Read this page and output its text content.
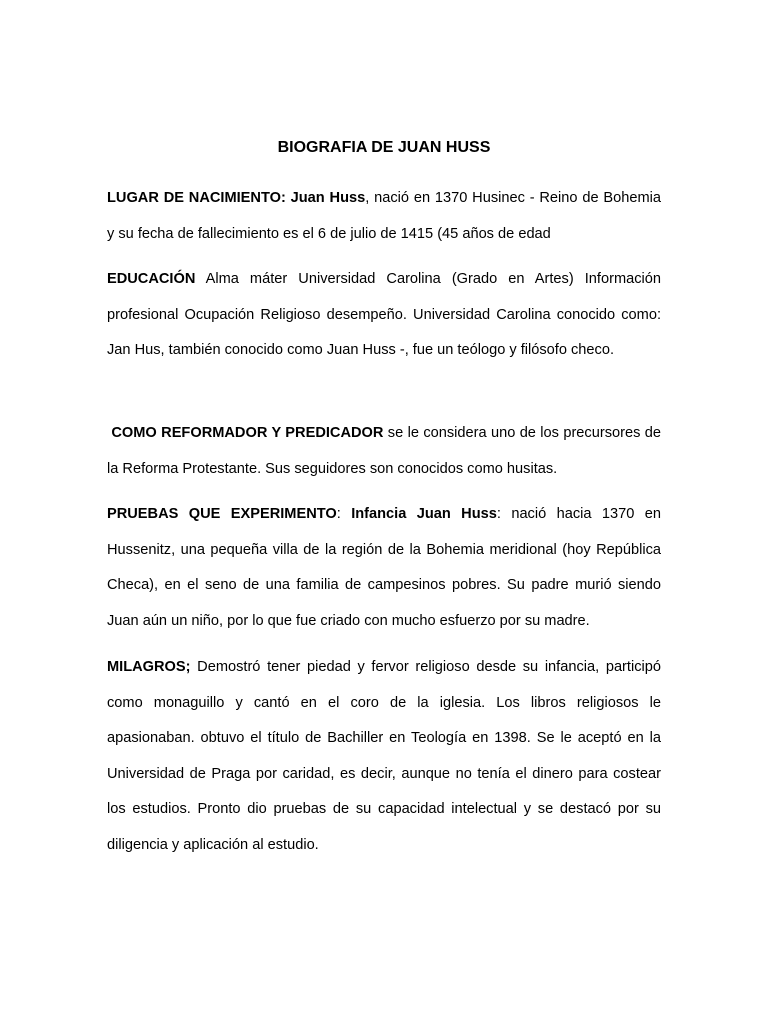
BIOGRAFIA DE JUAN HUSS

LUGAR DE NACIMIENTO: Juan Huss, nació en 1370 Husinec - Reino de Bohemia y su fecha de fallecimiento es el 6 de julio de 1415 (45 años de edad

EDUCACIÓN Alma máter Universidad Carolina (Grado en Artes) Información profesional Ocupación Religioso desempeño. Universidad Carolina conocido como: Jan Hus, también conocido como Juan Huss -, fue un teólogo y filósofo checo.

COMO REFORMADOR Y PREDICADOR se le considera uno de los precursores de la Reforma Protestante. Sus seguidores son conocidos como husitas.

PRUEBAS QUE EXPERIMENTO: Infancia Juan Huss: nació hacia 1370 en Hussenitz, una pequeña villa de la región de la Bohemia meridional (hoy República Checa), en el seno de una familia de campesinos pobres. Su padre murió siendo Juan aún un niño, por lo que fue criado con mucho esfuerzo por su madre.

MILAGROS; Demostró tener piedad y fervor religioso desde su infancia, participó como monaguillo y cantó en el coro de la iglesia. Los libros religiosos le apasionaban. obtuvo el título de Bachiller en Teología en 1398. Se le aceptó en la Universidad de Praga por caridad, es decir, aunque no tenía el dinero para costear los estudios. Pronto dio pruebas de su capacidad intelectual y se destacó por su diligencia y aplicación al estudio.
